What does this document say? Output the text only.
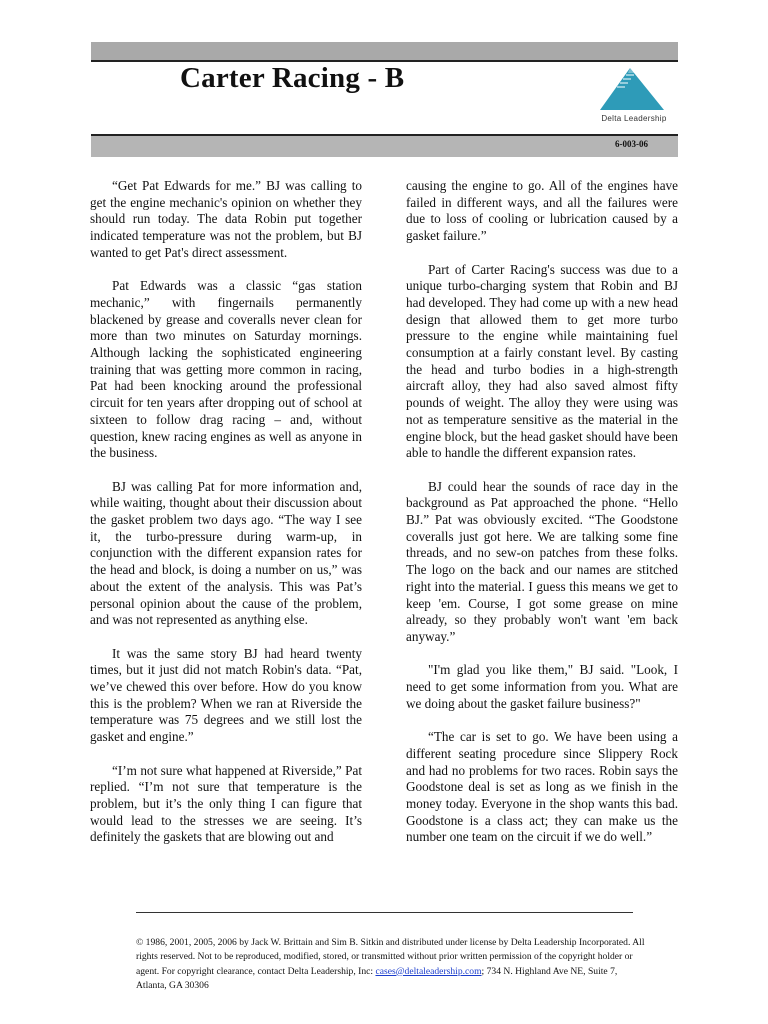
Carter Racing - B
Delta Leadership
6-003-06

“Get Pat Edwards for me.” BJ was calling to get the engine mechanic's opinion on whether they should run today. The data Robin put together indicated temperature was not the problem, but BJ wanted to get Pat's direct assessment.

Pat Edwards was a classic “gas station mechanic,” with fingernails permanently blackened by grease and coveralls never clean for more than two minutes on Saturday mornings. Although lacking the sophisticated engineering training that was getting more common in racing, Pat had been knocking around the professional circuit for ten years after dropping out of school at sixteen to follow drag racing – and, without question, knew racing engines as well as anyone in the business.

BJ was calling Pat for more information and, while waiting, thought about their discussion about the gasket problem two days ago. “The way I see it, the turbo-pressure during warm-up, in conjunction with the different expansion rates for the head and block, is doing a number on us,” was about the extent of the analysis. This was Pat’s personal opinion about the cause of the problem, and was not represented as anything else.

It was the same story BJ had heard twenty times, but it just did not match Robin's data. “Pat, we’ve chewed this over before. How do you know this is the problem? When we ran at Riverside the temperature was 75 degrees and we still lost the gasket and engine.”

“I’m not sure what happened at Riverside,” Pat replied. “I’m not sure that temperature is the problem, but it’s the only thing I can figure that would lead to the stresses we are seeing. It’s definitely the gaskets that are blowing out and

causing the engine to go. All of the engines have failed in different ways, and all the failures were due to loss of cooling or lubrication caused by a gasket failure.”

Part of Carter Racing's success was due to a unique turbo-charging system that Robin and BJ had developed. They had come up with a new head design that allowed them to get more turbo pressure to the engine while maintaining fuel consumption at a fairly constant level. By casting the head and turbo bodies in a high-strength aircraft alloy, they had also saved almost fifty pounds of weight. The alloy they were using was not as temperature sensitive as the material in the engine block, but the head gasket should have been able to handle the different expansion rates.

BJ could hear the sounds of race day in the background as Pat approached the phone. “Hello BJ.” Pat was obviously excited. “The Goodstone coveralls just got here. We are talking some fine threads, and no sew-on patches from these folks. The logo on the back and our names are stitched right into the material. I guess this means we get to keep 'em. Course, I got some grease on mine already, so they probably won't want 'em back anyway.”

"I'm glad you like them," BJ said. "Look, I need to get some information from you. What are we doing about the gasket failure business?"

“The car is set to go. We have been using a different seating procedure since Slippery Rock and had no problems for two races. Robin says the Goodstone deal is set as long as we finish in the money today. Everyone in the shop wants this bad. Goodstone is a class act; they can make us the number one team on the circuit if we do well.”

© 1986, 2001, 2005, 2006 by Jack W. Brittain and Sim B. Sitkin and distributed under license by Delta Leadership Incorporated. All rights reserved. Not to be reproduced, modified, stored, or transmitted without prior written permission of the copyright holder or agent. For copyright clearance, contact Delta Leadership, Inc: cases@deltaleadership.com; 734 N. Highland Ave NE, Suite 7, Atlanta, GA 30306
